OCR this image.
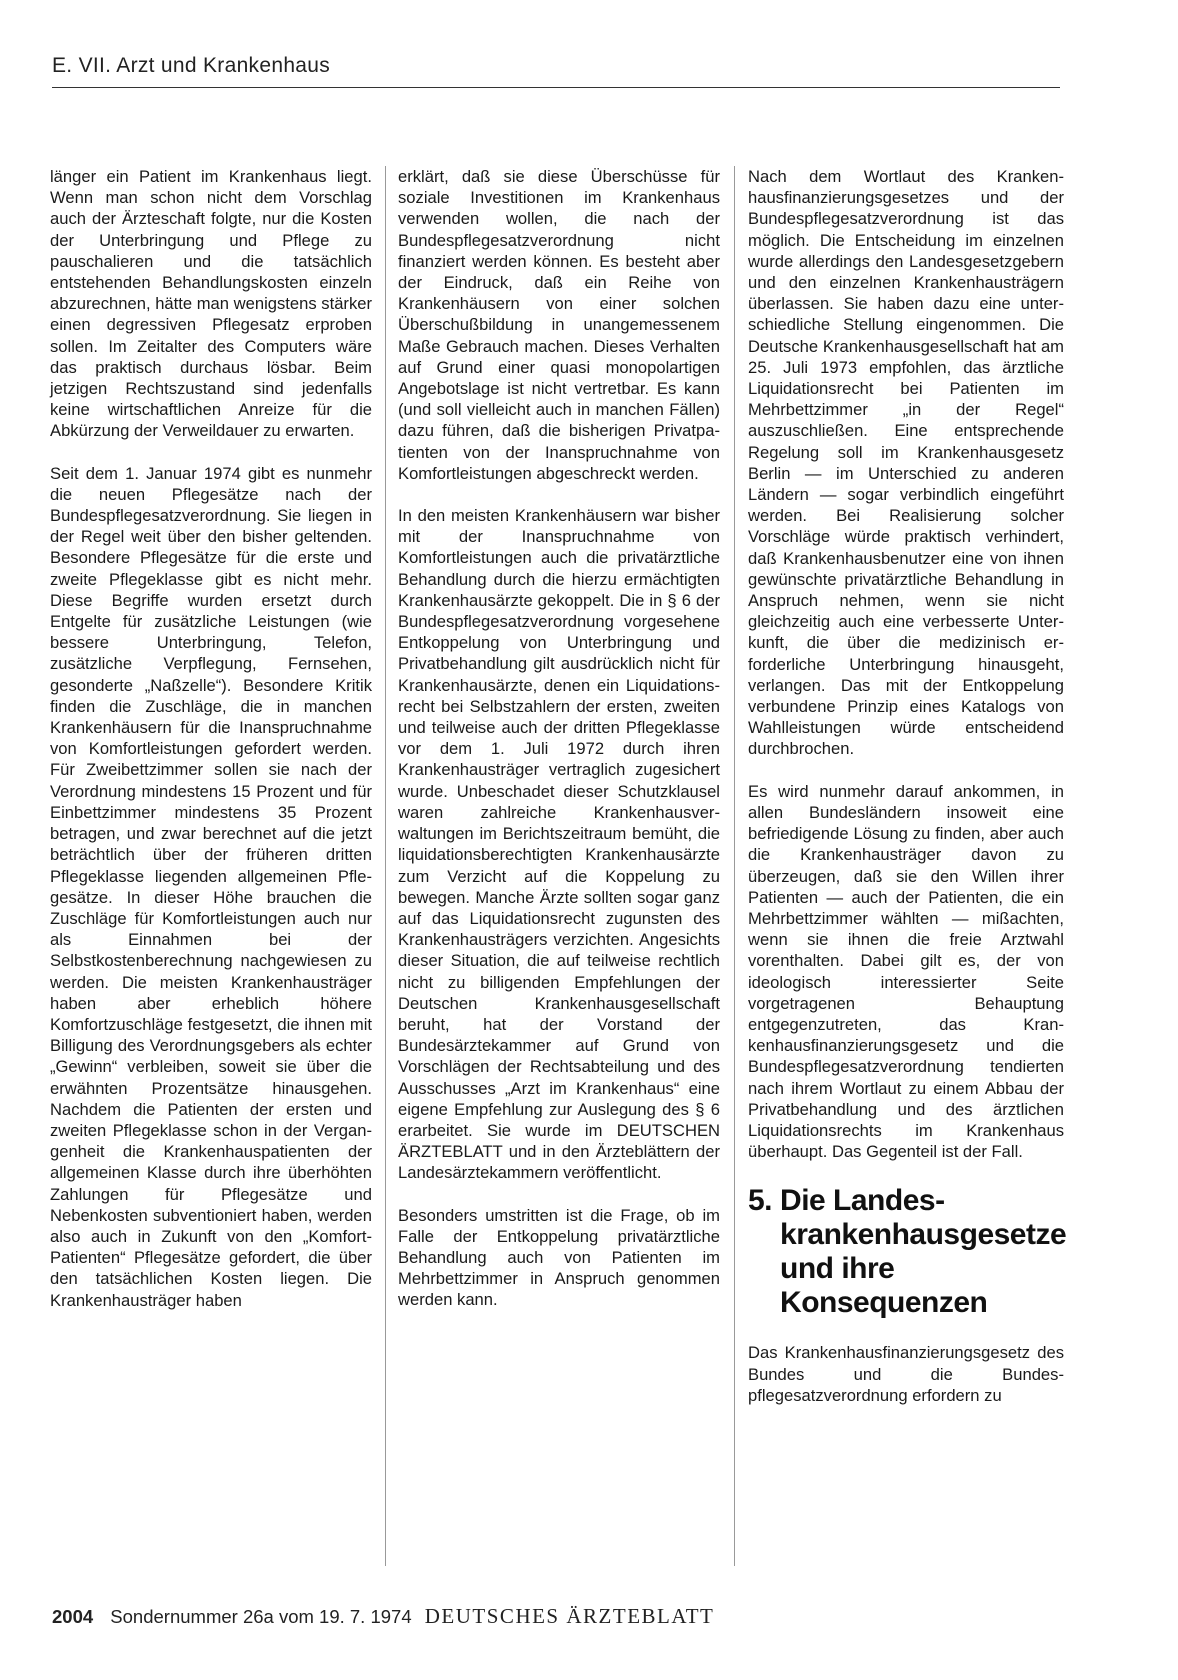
E. VII. Arzt und Krankenhaus

länger ein Patient im Krankenhaus liegt. Wenn man schon nicht dem Vorschlag auch der Ärzteschaft folgte, nur die Kosten der Unterbringung und Pflege zu pauschalieren und die tatsächlich entstehenden Behandlungskosten einzeln abzurechnen, hätte man wenigstens stärker einen degressiven Pflegesatz erproben sollen. Im Zeitalter des Computers wäre das praktisch durchaus lösbar. Beim jetzigen Rechtszustand sind jedenfalls keine wirtschaftlichen Anreize für die Abkürzung der Verweildauer zu erwarten.

Seit dem 1. Januar 1974 gibt es nunmehr die neuen Pflegesätze nach der Bundespflegesatzverordnung. Sie liegen in der Regel weit über den bisher geltenden. Besondere Pflegesätze für die erste und zweite Pflegeklasse gibt es nicht mehr. Diese Begriffe wurden ersetzt durch Entgelte für zusätzliche Leistungen (wie bessere Unterbringung, Telefon, zusätzliche Verpflegung, Fernsehen, gesonderte „Naßzelle“). Besondere Kritik finden die Zuschläge, die in manchen Krankenhäusern für die Inanspruchnahme von Komfortleistungen gefordert werden. Für Zweibettzimmer sollen sie nach der Verordnung mindestens 15 Prozent und für Einbettzimmer mindestens 35 Prozent betragen, und zwar berechnet auf die jetzt beträchtlich über der früheren dritten Pflegeklasse liegenden allgemeinen Pflegesätze. In dieser Höhe brauchen die Zuschläge für Komfortleistungen auch nur als Einnahmen bei der Selbstkostenberechnung nachgewiesen zu werden. Die meisten Krankenhausträger haben aber erheblich höhere Komfortzuschläge festgesetzt, die ihnen mit Billigung des Verordnungsgebers als echter „Gewinn“ verbleiben, soweit sie über die erwähnten Prozentsätze hinausgehen. Nachdem die Patienten der ersten und zweiten Pflegeklasse schon in der Vergangenheit die Krankenhauspatienten der allgemeinen Klasse durch ihre überhöhten Zahlungen für Pflegesätze und Nebenkosten subventioniert haben, werden also auch in Zukunft von den „Komfort-Patienten“ Pflegesätze gefordert, die über den tatsächlichen Kosten liegen. Die Krankenhausträger haben

erklärt, daß sie diese Überschüsse für soziale Investitionen im Krankenhaus verwenden wollen, die nach der Bundespflegesatzverordnung nicht finanziert werden können. Es besteht aber der Eindruck, daß ein Reihe von Krankenhäusern von einer solchen Überschußbildung in unangemessenem Maße Gebrauch machen. Dieses Verhalten auf Grund einer quasi monopolartigen Angebotslage ist nicht vertretbar. Es kann (und soll vielleicht auch in manchen Fällen) dazu führen, daß die bisherigen Privatpatienten von der Inanspruchnahme von Komfortleistungen abgeschreckt werden.

In den meisten Krankenhäusern war bisher mit der Inanspruchnahme von Komfortleistungen auch die privatärztliche Behandlung durch die hierzu ermächtigten Krankenhausärzte gekoppelt. Die in § 6 der Bundespflegesatzverordnung vorgesehene Entkoppelung von Unterbringung und Privatbehandlung gilt ausdrücklich nicht für Krankenhausärzte, denen ein Liquidationsrecht bei Selbstzahlern der ersten, zweiten und teilweise auch der dritten Pflegeklasse vor dem 1. Juli 1972 durch ihren Krankenhausträger vertraglich zugesichert wurde. Unbeschadet dieser Schutzklausel waren zahlreiche Krankenhausverwaltungen im Berichtszeitraum bemüht, die liquidationsberechtigten Krankenhausärzte zum Verzicht auf die Koppelung zu bewegen. Manche Ärzte sollten sogar ganz auf das Liquidationsrecht zugunsten des Krankenhausträgers verzichten. Angesichts dieser Situation, die auf teilweise rechtlich nicht zu billigenden Empfehlungen der Deutschen Krankenhausgesellschaft beruht, hat der Vorstand der Bundesärztekammer auf Grund von Vorschlägen der Rechtsabteilung und des Ausschusses „Arzt im Krankenhaus“ eine eigene Empfehlung zur Auslegung des § 6 erarbeitet. Sie wurde im DEUTSCHEN ÄRZTEBLATT und in den Ärzteblättern der Landesärztekammern veröffentlicht.

Besonders umstritten ist die Frage, ob im Falle der Entkoppelung privatärztliche Behandlung auch von Patienten im Mehrbettzimmer in Anspruch genommen werden kann.

Nach dem Wortlaut des Krankenhausfinanzierungsgesetzes und der Bundespflegesatzverordnung ist das möglich. Die Entscheidung im einzelnen wurde allerdings den Landesgesetzgebern und den einzelnen Krankenhausträgern überlassen. Sie haben dazu eine unterschiedliche Stellung eingenommen. Die Deutsche Krankenhausgesellschaft hat am 25. Juli 1973 empfohlen, das ärztliche Liquidationsrecht bei Patienten im Mehrbettzimmer „in der Regel“ auszuschließen. Eine entsprechende Regelung soll im Krankenhausgesetz Berlin — im Unterschied zu anderen Ländern — sogar verbindlich eingeführt werden. Bei Realisierung solcher Vorschläge würde praktisch verhindert, daß Krankenhausbenutzer eine von ihnen gewünschte privatärztliche Behandlung in Anspruch nehmen, wenn sie nicht gleichzeitig auch eine verbesserte Unterkunft, die über die medizinisch erforderliche Unterbringung hinausgeht, verlangen. Das mit der Entkoppelung verbundene Prinzip eines Katalogs von Wahlleistungen würde entscheidend durchbrochen.

Es wird nunmehr darauf ankommen, in allen Bundesländern insoweit eine befriedigende Lösung zu finden, aber auch die Krankenhausträger davon zu überzeugen, daß sie den Willen ihrer Patienten — auch der Patienten, die ein Mehrbettzimmer wählten — mißachten, wenn sie ihnen die freie Arztwahl vorenthalten. Dabei gilt es, der von ideologisch interessierter Seite vorgetragenen Behauptung entgegenzutreten, das Krankenhausfinanzierungsgesetz und die Bundespflegesatzverordnung tendierten nach ihrem Wortlaut zu einem Abbau der Privatbehandlung und des ärztlichen Liquidationsrechts im Krankenhaus überhaupt. Das Gegenteil ist der Fall.

5. Die Landeskrankenhausgesetze und ihre Konsequenzen

Das Krankenhausfinanzierungsgesetz des Bundes und die Bundespflegesatzverordnung erfordern zu

2004 Sondernummer 26a vom 19. 7. 1974 DEUTSCHES ÄRZTEBLATT
